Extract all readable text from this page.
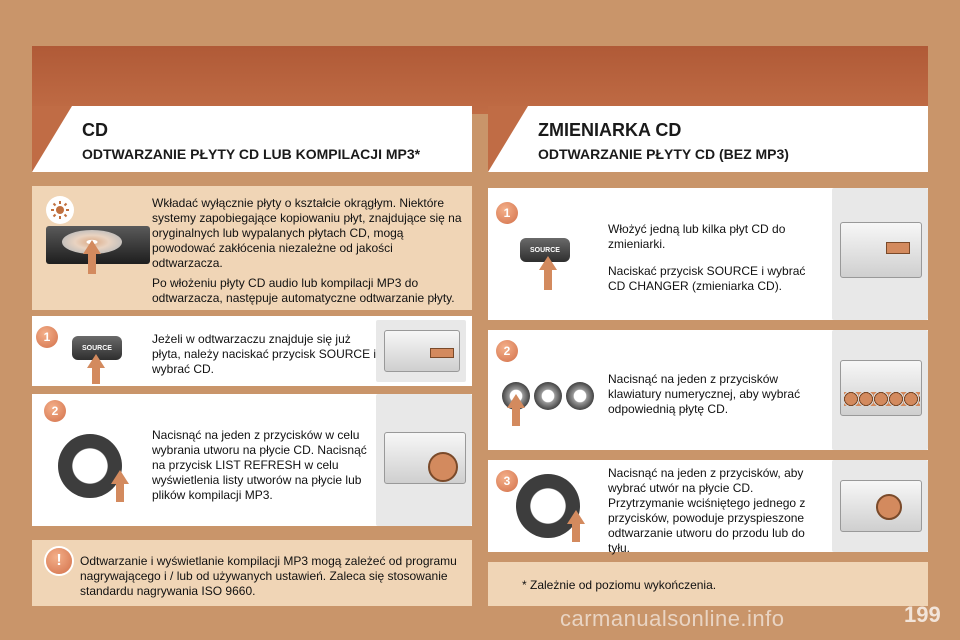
CD
ODTWARZANIE PŁYTY CD LUB KOMPILACJI MP3*
ZMIENIARKA CD
ODTWARZANIE PŁYTY CD (BEZ MP3)
Wkładać wyłącznie płyty o kształcie okrągłym. Niektóre systemy zapobiegające kopiowaniu płyt, znajdujące się na oryginalnych lub wypalanych płytach CD, mogą powodować zakłócenia niezależne od jakości odtwarzacza.
Po włożeniu płyty CD audio lub kompilacji MP3 do odtwarzacza, następuje automatyczne odtwarzanie płyty.
1
SOURCE
Jeżeli w odtwarzaczu znajduje się już płyta, należy naciskać przycisk SOURCE i wybrać CD.
2
Nacisnąć na jeden z przycisków w celu wybrania utworu na płycie CD. Nacisnąć na przycisk LIST REFRESH w celu wyświetlenia listy utworów na płycie lub plików kompilacji MP3.
!	Odtwarzanie i wyświetlanie kompilacji MP3 mogą zależeć od programu nagrywającego i / lub od używanych ustawień. Zaleca się stosowanie standardu nagrywania ISO 9660.
1
SOURCE
Włożyć jedną lub kilka płyt CD do zmieniarki.
Naciskać przycisk SOURCE i wybrać CD CHANGER (zmieniarka CD).
2
Nacisnąć na jeden z przycisków klawiatury numerycznej, aby wybrać odpowiednią płytę CD.
3
Nacisnąć na jeden z przycisków, aby wybrać utwór na płycie CD. Przytrzymanie wciśniętego jednego z przycisków, powoduje przyspieszone odtwarzanie utworu do przodu lub do tyłu.
* Zależnie od poziomu wykończenia.
carmanualsonline.info	199
